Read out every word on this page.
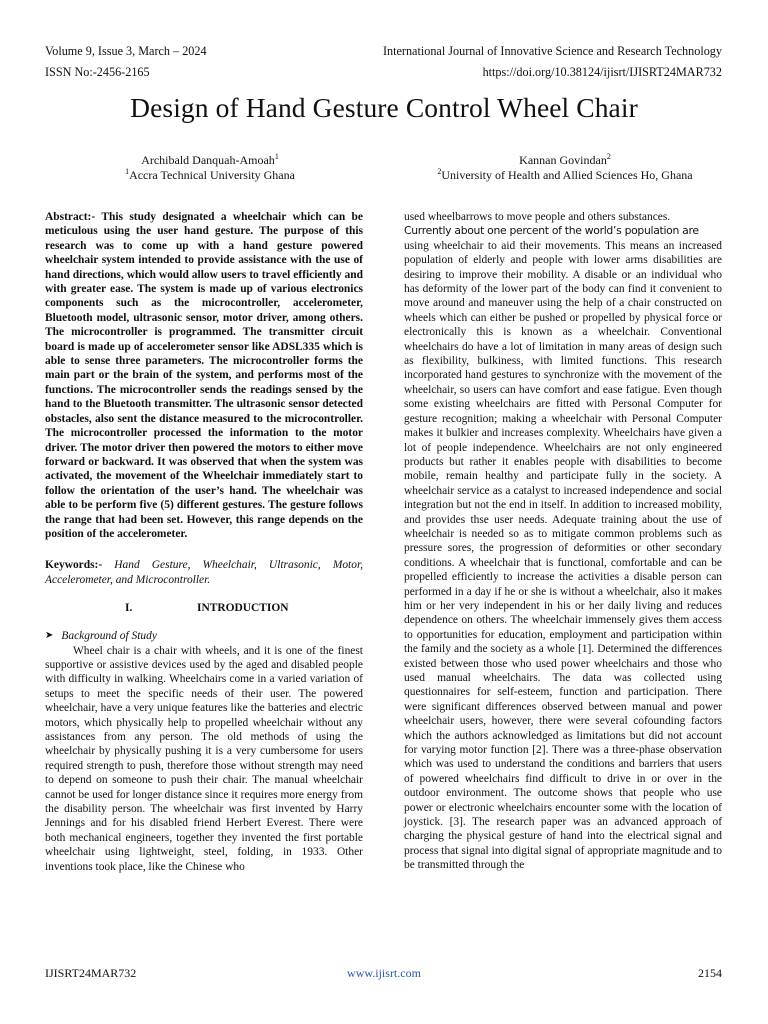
Volume 9, Issue 3, March – 2024	International Journal of Innovative Science and Research Technology
ISSN No:-2456-2165	https://doi.org/10.38124/ijisrt/IJISRT24MAR732
Design of Hand Gesture Control Wheel Chair
Archibald Danquah-Amoah$^1$
$^1$Accra Technical University Ghana
Kannan Govindan$^2$
$^2$University of Health and Allied Sciences Ho, Ghana

Abstract:- This study designated a wheelchair which can be meticulous using the user hand gesture. The purpose of this research was to come up with a hand gesture powered wheelchair system intended to provide assistance with the use of hand directions, which would allow users to travel efficiently and with greater ease. The system is made up of various electronics components such as the microcontroller, accelerometer, Bluetooth model, ultrasonic sensor, motor driver, among others. The microcontroller is programmed. The transmitter circuit board is made up of accelerometer sensor like ADSL335 which is able to sense three parameters. The microcontroller forms the main part or the brain of the system, and performs most of the functions. The microcontroller sends the readings sensed by the hand to the Bluetooth transmitter. The ultrasonic sensor detected obstacles, also sent the distance measured to the microcontroller. The microcontroller processed the information to the motor driver. The motor driver then powered the motors to either move forward or backward. It was observed that when the system was activated, the movement of the Wheelchair immediately start to follow the orientation of the user’s hand. The wheelchair was able to be perform five (5) different gestures. The gesture follows the range that had been set. However, this range depends on the position of the accelerometer.

Keywords:- Hand Gesture, Wheelchair, Ultrasonic, Motor, Accelerometer, and Microcontroller.

I.	INTRODUCTION

➤ Background of Study

Wheel chair is a chair with wheels, and it is one of the finest supportive or assistive devices used by the aged and disabled people with difficulty in walking. Wheelchairs come in a varied variation of setups to meet the specific needs of their user. The powered wheelchair, have a very unique features like the batteries and electric motors, which physically help to propelled wheelchair without any assistances from any person. The old methods of using the wheelchair by physically pushing it is a very cumbersome for users required strength to push, therefore those without strength may need to depend on someone to push their chair. The manual wheelchair cannot be used for longer distance since it requires more energy from the disability person. The wheelchair was first invented by Harry Jennings and for his disabled friend Herbert Everest. There were both mechanical engineers, together they invented the first portable wheelchair using lightweight, steel, folding, in 1933. Other inventions took place, like the Chinese who

used wheelbarrows to move people and others substances.

Currently about one percent of the world’s population are

using wheelchair to aid their movements. This means an increased population of elderly and people with lower arms disabilities are desiring to improve their mobility. A disable or an individual who has deformity of the lower part of the body can find it convenient to move around and maneuver using the help of a chair constructed on wheels which can either be pushed or propelled by physical force or electronically this is known as a wheelchair. Conventional wheelchairs do have a lot of limitation in many areas of design such as flexibility, bulkiness, with limited functions. This research incorporated hand gestures to synchronize with the movement of the wheelchair, so users can have comfort and ease fatigue. Even though some existing wheelchairs are fitted with Personal Computer for gesture recognition; making a wheelchair with Personal Computer makes it bulkier and increases complexity. Wheelchairs have given a lot of people independence. Wheelchairs are not only engineered products but rather it enables people with disabilities to become mobile, remain healthy and participate fully in the society. A wheelchair service as a catalyst to increased independence and social integration but not the end in itself. In addition to increased mobility, and provides thse user needs. Adequate training about the use of wheelchair is needed so as to mitigate common problems such as pressure sores, the progression of deformities or other secondary conditions. A wheelchair that is functional, comfortable and can be propelled efficiently to increase the activities a disable person can performed in a day if he or she is without a wheelchair, also it makes him or her very independent in his or her daily living and reduces dependence on others. The wheelchair immensely gives them access to opportunities for education, employment and participation within the family and the society as a whole [1]. Determined the differences existed between those who used power wheelchairs and those who used manual wheelchairs. The data was collected using questionnaires for self-esteem, function and participation. There were significant differences observed between manual and power wheelchair users, however, there were several cofounding factors which the authors acknowledged as limitations but did not account for varying motor function [2]. There was a three-phase observation which was used to understand the conditions and barriers that users of powered wheelchairs find difficult to drive in or over in the outdoor environment. The outcome shows that people who use power or electronic wheelchairs encounter some with the location of joystick. [3]. The research paper was an advanced approach of charging the physical gesture of hand into the electrical signal and process that signal into digital signal of appropriate magnitude and to be transmitted through the

IJISRT24MAR732	www.ijisrt.com	2154
